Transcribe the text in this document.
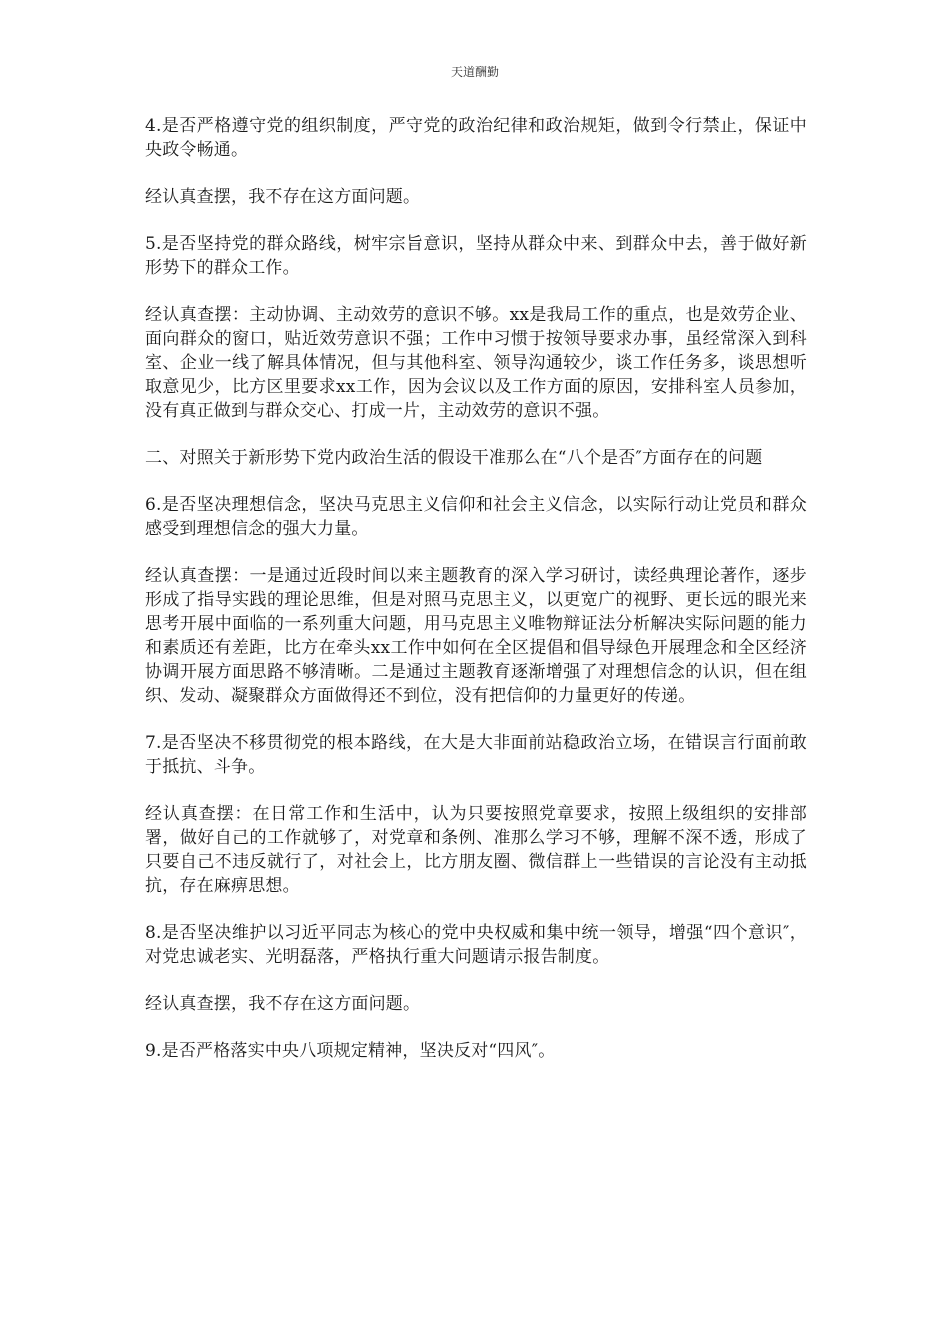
天道酬勤

4.是否严格遵守党的组织制度，严守党的政治纪律和政治规矩，做到令行禁止，保证中央政令畅通。

经认真查摆，我不存在这方面问题。

5.是否坚持党的群众路线，树牢宗旨意识，坚持从群众中来、到群众中去，善于做好新形势下的群众工作。

经认真查摆：主动协调、主动效劳的意识不够。xx是我局工作的重点，也是效劳企业、面向群众的窗口，贴近效劳意识不强；工作中习惯于按领导要求办事，虽经常深入到科室、企业一线了解具体情况，但与其他科室、领导沟通较少，谈工作任务多，谈思想听取意见少，比方区里要求xx工作，因为会议以及工作方面的原因，安排科室人员参加，没有真正做到与群众交心、打成一片，主动效劳的意识不强。

二、对照关于新形势下党内政治生活的假设干准那么在“八个是否″方面存在的问题

6.是否坚决理想信念，坚决马克思主义信仰和社会主义信念，以实际行动让党员和群众感受到理想信念的强大力量。

经认真查摆：一是通过近段时间以来主题教育的深入学习研讨，读经典理论著作，逐步形成了指导实践的理论思维，但是对照马克思主义，以更宽广的视野、更长远的眼光来思考开展中面临的一系列重大问题，用马克思主义唯物辩证法分析解决实际问题的能力和素质还有差距，比方在牵头xx工作中如何在全区提倡和倡导绿色开展理念和全区经济协调开展方面思路不够清晰。二是通过主题教育逐渐增强了对理想信念的认识，但在组织、发动、凝聚群众方面做得还不到位，没有把信仰的力量更好的传递。

7.是否坚决不移贯彻党的根本路线，在大是大非面前站稳政治立场，在错误言行面前敢于抵抗、斗争。

经认真查摆：在日常工作和生活中，认为只要按照党章要求，按照上级组织的安排部署，做好自己的工作就够了，对党章和条例、准那么学习不够，理解不深不透，形成了只要自己不违反就行了，对社会上，比方朋友圈、微信群上一些错误的言论没有主动抵抗，存在麻痹思想。

8.是否坚决维护以习近平同志为核心的党中央权威和集中统一领导，增强“四个意识″，对党忠诚老实、光明磊落，严格执行重大问题请示报告制度。

经认真查摆，我不存在这方面问题。

9.是否严格落实中央八项规定精神，坚决反对“四风″。
